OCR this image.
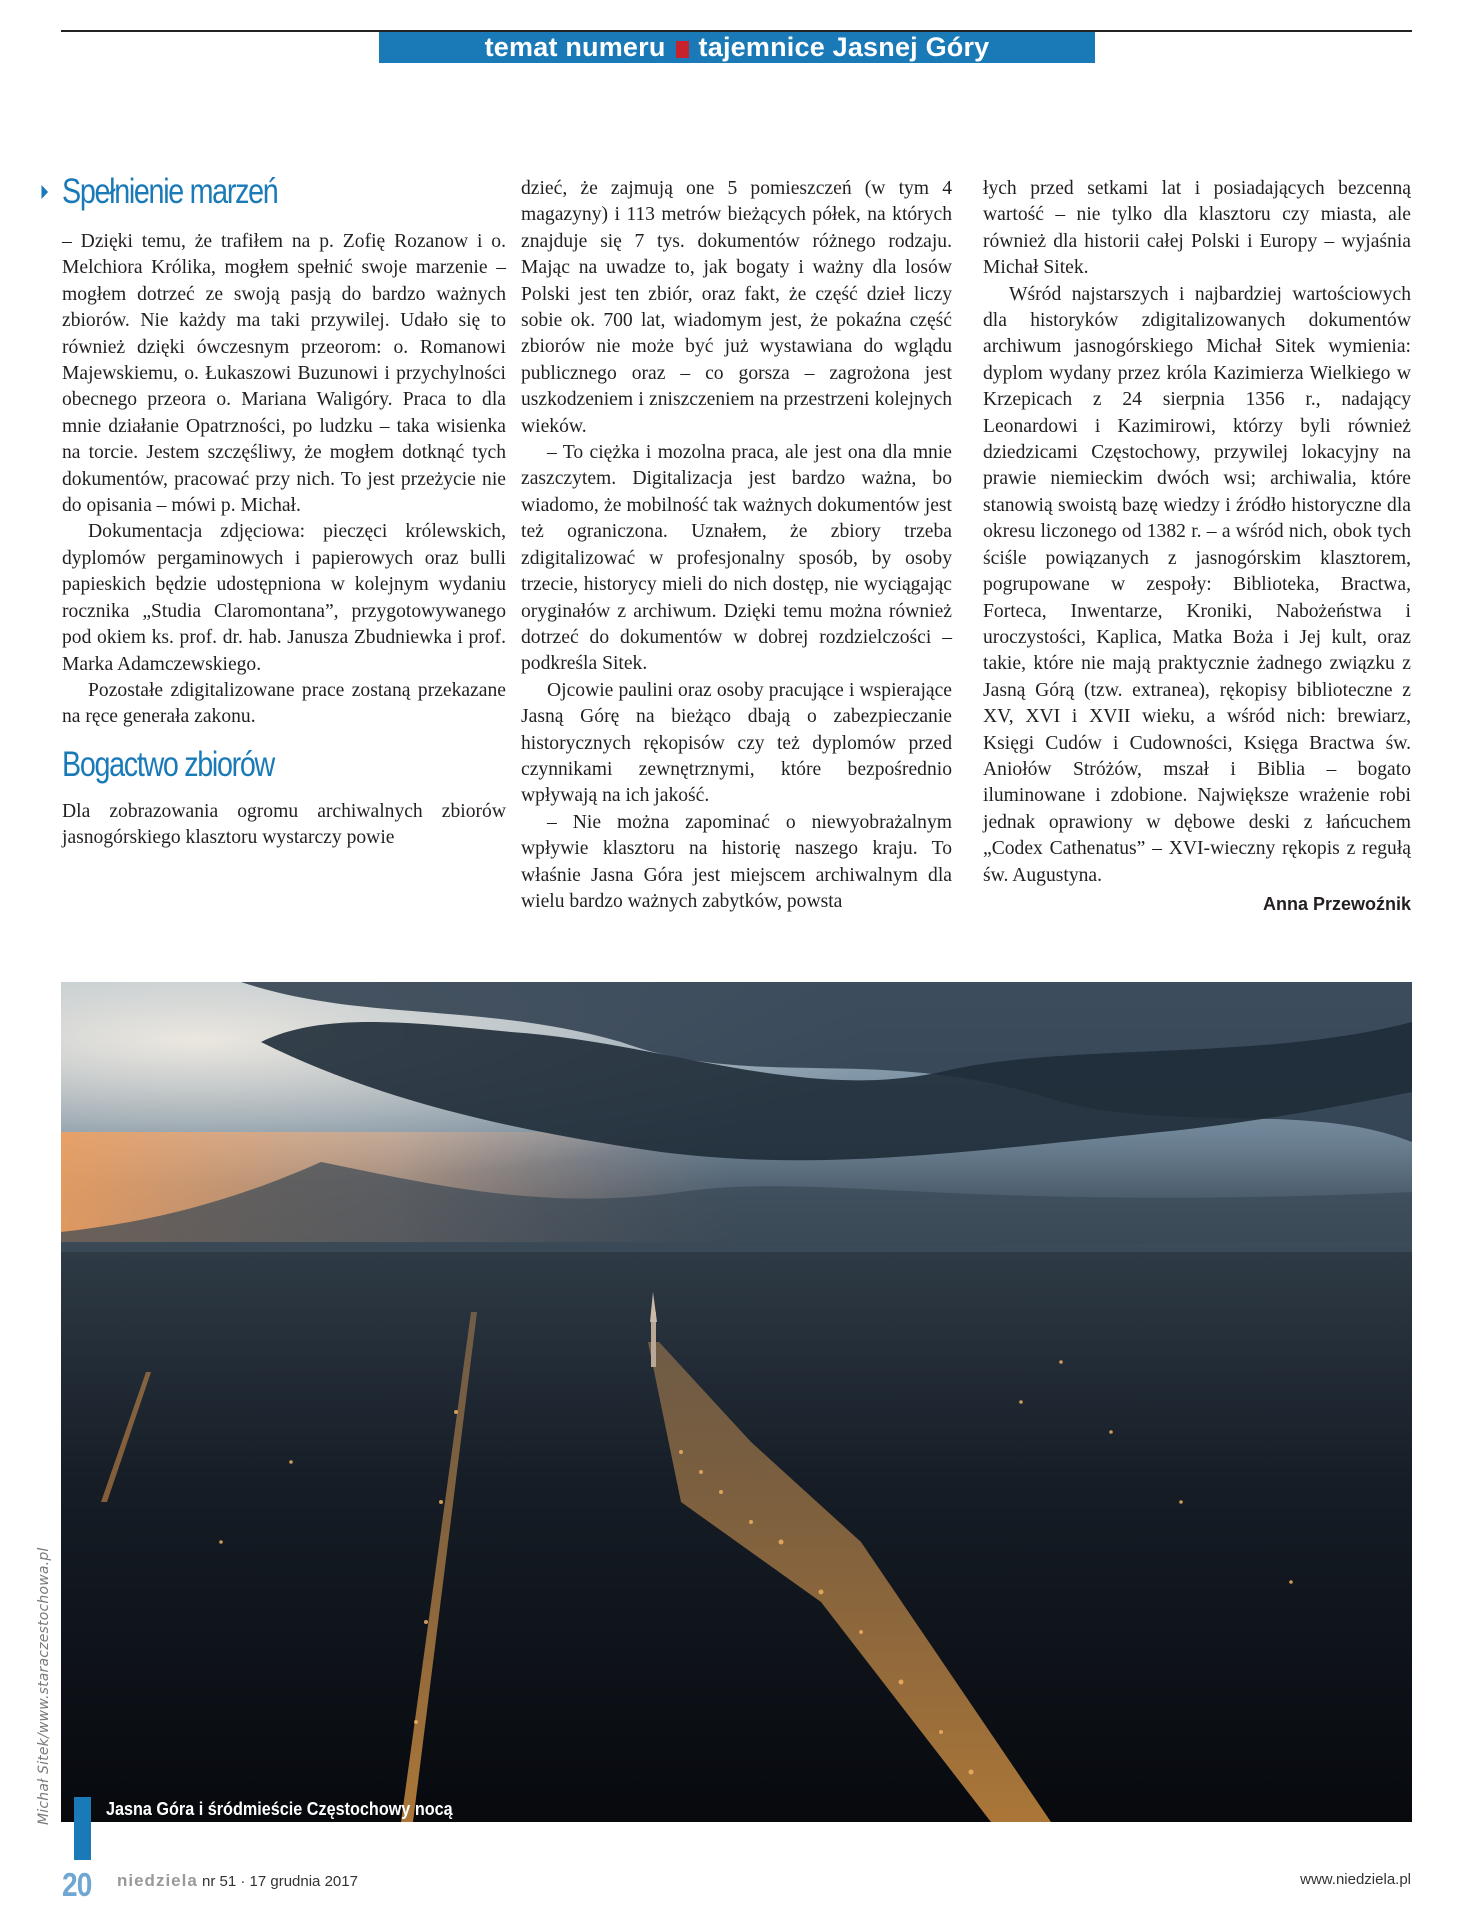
temat numeru tajemnice Jasnej Góry
Spełnienie marzeń

– Dzięki temu, że trafiłem na p. Zofię Rozanow i o. Melchiora Królika, mogłem spełnić swoje marzenie – mogłem dotrzeć ze swoją pasją do bardzo ważnych zbiorów. Nie każdy ma taki przywilej. Udało się to również dzięki ówczesnym przeorom: o. Romanowi Majewskiemu, o. Łukaszowi Buzunowi i przychylności obecnego przeora o. Mariana Waligóry. Praca to dla mnie działanie Opatrzności, po ludzku – taka wisienka na torcie. Jestem szczęśliwy, że mogłem dotknąć tych dokumentów, pracować przy nich. To jest przeżycie nie do opisania – mówi p. Michał.

Dokumentacja zdjęciowa: pieczęci królewskich, dyplomów pergaminowych i papierowych oraz bulli papieskich będzie udostępniona w kolejnym wydaniu rocznika „Studia Claromontana”, przygotowywanego pod okiem ks. prof. dr. hab. Janusza Zbudniewka i prof. Marka Adamczewskiego.

Pozostałe zdigitalizowane prace zostaną przekazane na ręce generała zakonu.

Bogactwo zbiorów

Dla zobrazowania ogromu archiwalnych zbiorów jasnogórskiego klasztoru wystarczy powie

dzieć, że zajmują one 5 pomieszczeń (w tym 4 magazyny) i 113 metrów bieżących półek, na których znajduje się 7 tys. dokumentów różnego rodzaju. Mając na uwadze to, jak bogaty i ważny dla losów Polski jest ten zbiór, oraz fakt, że część dzieł liczy sobie ok. 700 lat, wiadomym jest, że pokaźna część zbiorów nie może być już wystawiana do wglądu publicznego oraz – co gorsza – zagrożona jest uszkodzeniem i zniszczeniem na przestrzeni kolejnych wieków.

– To ciężka i mozolna praca, ale jest ona dla mnie zaszczytem. Digitalizacja jest bardzo ważna, bo wiadomo, że mobilność tak ważnych dokumentów jest też ograniczona. Uznałem, że zbiory trzeba zdigitalizować w profesjonalny sposób, by osoby trzecie, historycy mieli do nich dostęp, nie wyciągając oryginałów z archiwum. Dzięki temu można również dotrzeć do dokumentów w dobrej rozdzielczości – podkreśla Sitek.

Ojcowie paulini oraz osoby pracujące i wspierające Jasną Górę na bieżąco dbają o zabezpieczanie historycznych rękopisów czy też dyplomów przed czynnikami zewnętrznymi, które bezpośrednio wpływają na ich jakość.

– Nie można zapominać o niewyobrażalnym wpływie klasztoru na historię naszego kraju. To właśnie Jasna Góra jest miejscem archiwalnym dla wielu bardzo ważnych zabytków, powsta

łych przed setkami lat i posiadających bezcenną wartość – nie tylko dla klasztoru czy miasta, ale również dla historii całej Polski i Europy – wyjaśnia Michał Sitek.

Wśród najstarszych i najbardziej wartościowych dla historyków zdigitalizowanych dokumentów archiwum jasnogórskiego Michał Sitek wymienia: dyplom wydany przez króla Kazimierza Wielkiego w Krzepicach z 24 sierpnia 1356 r., nadający Leonardowi i Kazimirowi, którzy byli również dziedzicami Częstochowy, przywilej lokacyjny na prawie niemieckim dwóch wsi; archiwalia, które stanowią swoistą bazę wiedzy i źródło historyczne dla okresu liczonego od 1382 r. – a wśród nich, obok tych ściśle powiązanych z jasnogórskim klasztorem, pogrupowane w zespoły: Biblioteka, Bractwa, Forteca, Inwentarze, Kroniki, Nabożeństwa i uroczystości, Kaplica, Matka Boża i Jej kult, oraz takie, które nie mają praktycznie żadnego związku z Jasną Górą (tzw. extranea), rękopisy biblioteczne z XV, XVI i XVII wieku, a wśród nich: brewiarz, Księgi Cudów i Cudowności, Księga Bractwa św. Aniołów Stróżów, mszał i Biblia – bogato iluminowane i zdobione. Największe wrażenie robi jednak oprawiony w dębowe deski z łańcuchem „Codex Cathenatus” – XVI-wieczny rękopis z regułą św. Augustyna.

Anna Przewoźnik
Michał Sitek/www.staraczestochowa.pl	Jasna Góra i śródmieście Częstochowy nocą
20 niedziela nr 51 · 17 grudnia 2017	www.niedziela.pl
